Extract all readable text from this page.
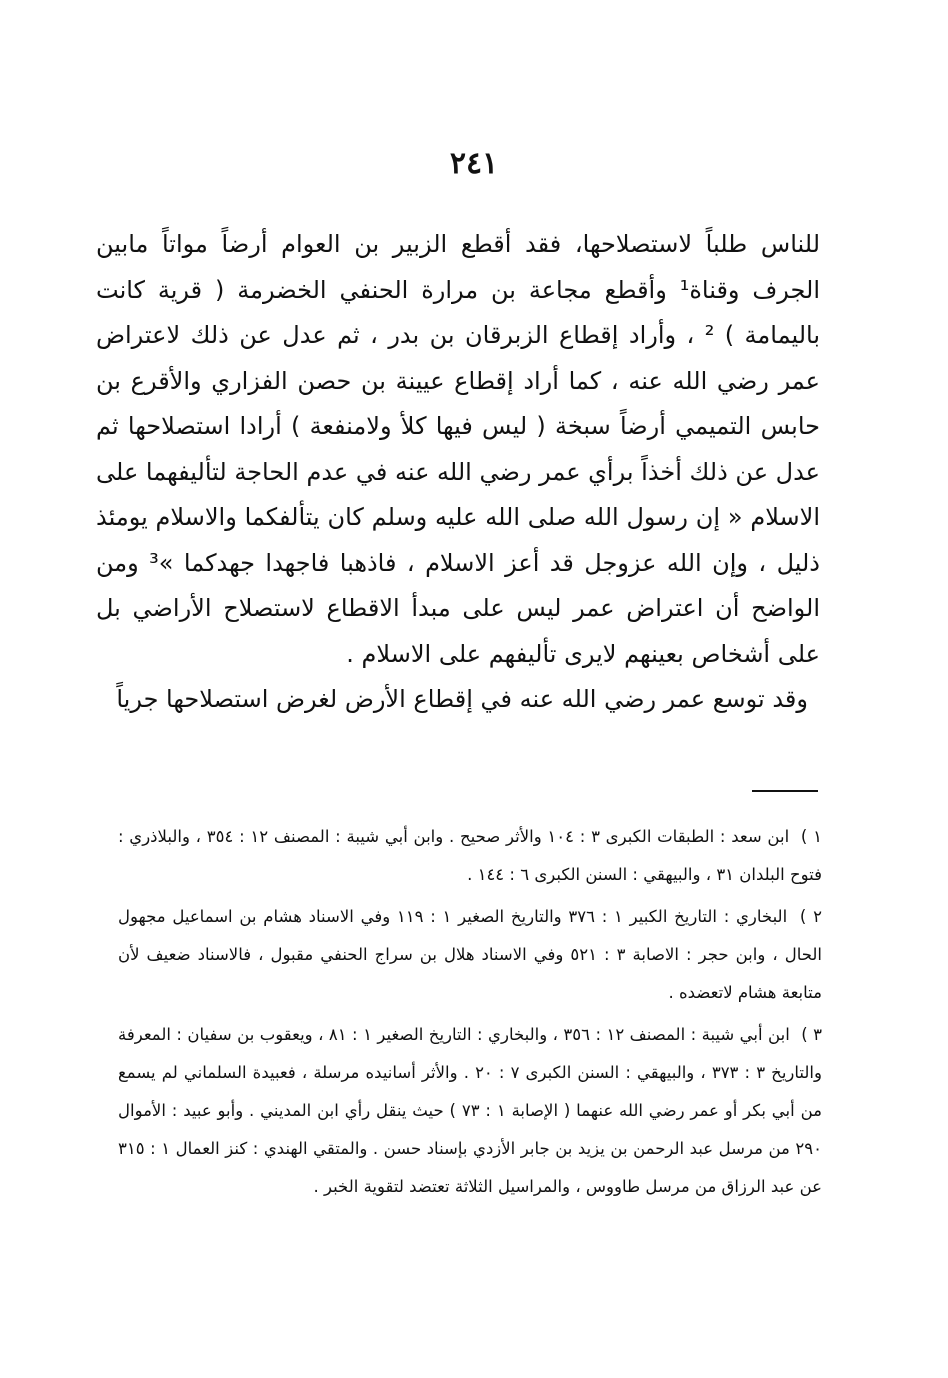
٢٤١

للناس طلباً لاستصلاحها، فقد أقطع الزبير بن العوام أرضاً مواتاً مابين الجرف وقناة¹ وأقطع مجاعة بن مرارة الحنفي الخضرمة ( قرية كانت باليمامة ) ² ، وأراد إقطاع الزبرقان بن بدر ، ثم عدل عن ذلك لاعتراض عمر رضي الله عنه ، كما أراد إقطاع عيينة بن حصن الفزاري والأقرع بن حابس التميمي أرضاً سبخة ( ليس فيها كلأ ولامنفعة ) أرادا استصلاحها ثم عدل عن ذلك أخذاً برأي عمر رضي الله عنه في عدم الحاجة لتأليفهما على الاسلام « إن رسول الله صلى الله عليه وسلم كان يتألفكما والاسلام يومئذ ذليل ، وإن الله عزوجل قد أعز الاسلام ، فاذهبا فاجهدا جهدكما »³ ومن الواضح أن اعتراض عمر ليس على مبدأ الاقطاع لاستصلاح الأراضي بل على أشخاص بعينهم لايرى تأليفهم على الاسلام .

وقد توسع عمر رضي الله عنه في إقطاع الأرض لغرض استصلاحها جرياً

١ ) ابن سعد : الطبقات الكبرى ٣ : ١٠٤ والأثر صحيح . وابن أبي شيبة : المصنف ١٢ : ٣٥٤ ، والبلاذري : فتوح البلدان ٣١ ، والبيهقي : السنن الكبرى ٦ : ١٤٤ .

٢ ) البخاري : التاريخ الكبير ١ : ٣٧٦ والتاريخ الصغير ١ : ١١٩ وفي الاسناد هشام بن اسماعيل مجهول الحال ، وابن حجر : الاصابة ٣ : ٥٢١ وفي الاسناد هلال بن سراج الحنفي مقبول ، فالاسناد ضعيف لأن متابعة هشام لاتعضده .

٣ ) ابن أبي شيبة : المصنف ١٢ : ٣٥٦ ، والبخاري : التاريخ الصغير ١ : ٨١ ، ويعقوب بن سفيان : المعرفة والتاريخ ٣ : ٣٧٣ ، والبيهقي : السنن الكبرى ٧ : ٢٠ . والأثر أسانيده مرسلة ، فعبيدة السلماني لم يسمع من أبي بكر أو عمر رضي الله عنهما ( الإصابة ١ : ٧٣ ) حيث ينقل رأي ابن المديني . وأبو عبيد : الأموال ٢٩٠ من مرسل عبد الرحمن بن يزيد بن جابر الأزدي بإسناد حسن . والمتقي الهندي : كنز العمال ١ : ٣١٥ عن عبد الرزاق من مرسل طاووس ، والمراسيل الثلاثة تعتضد لتقوية الخبر .
